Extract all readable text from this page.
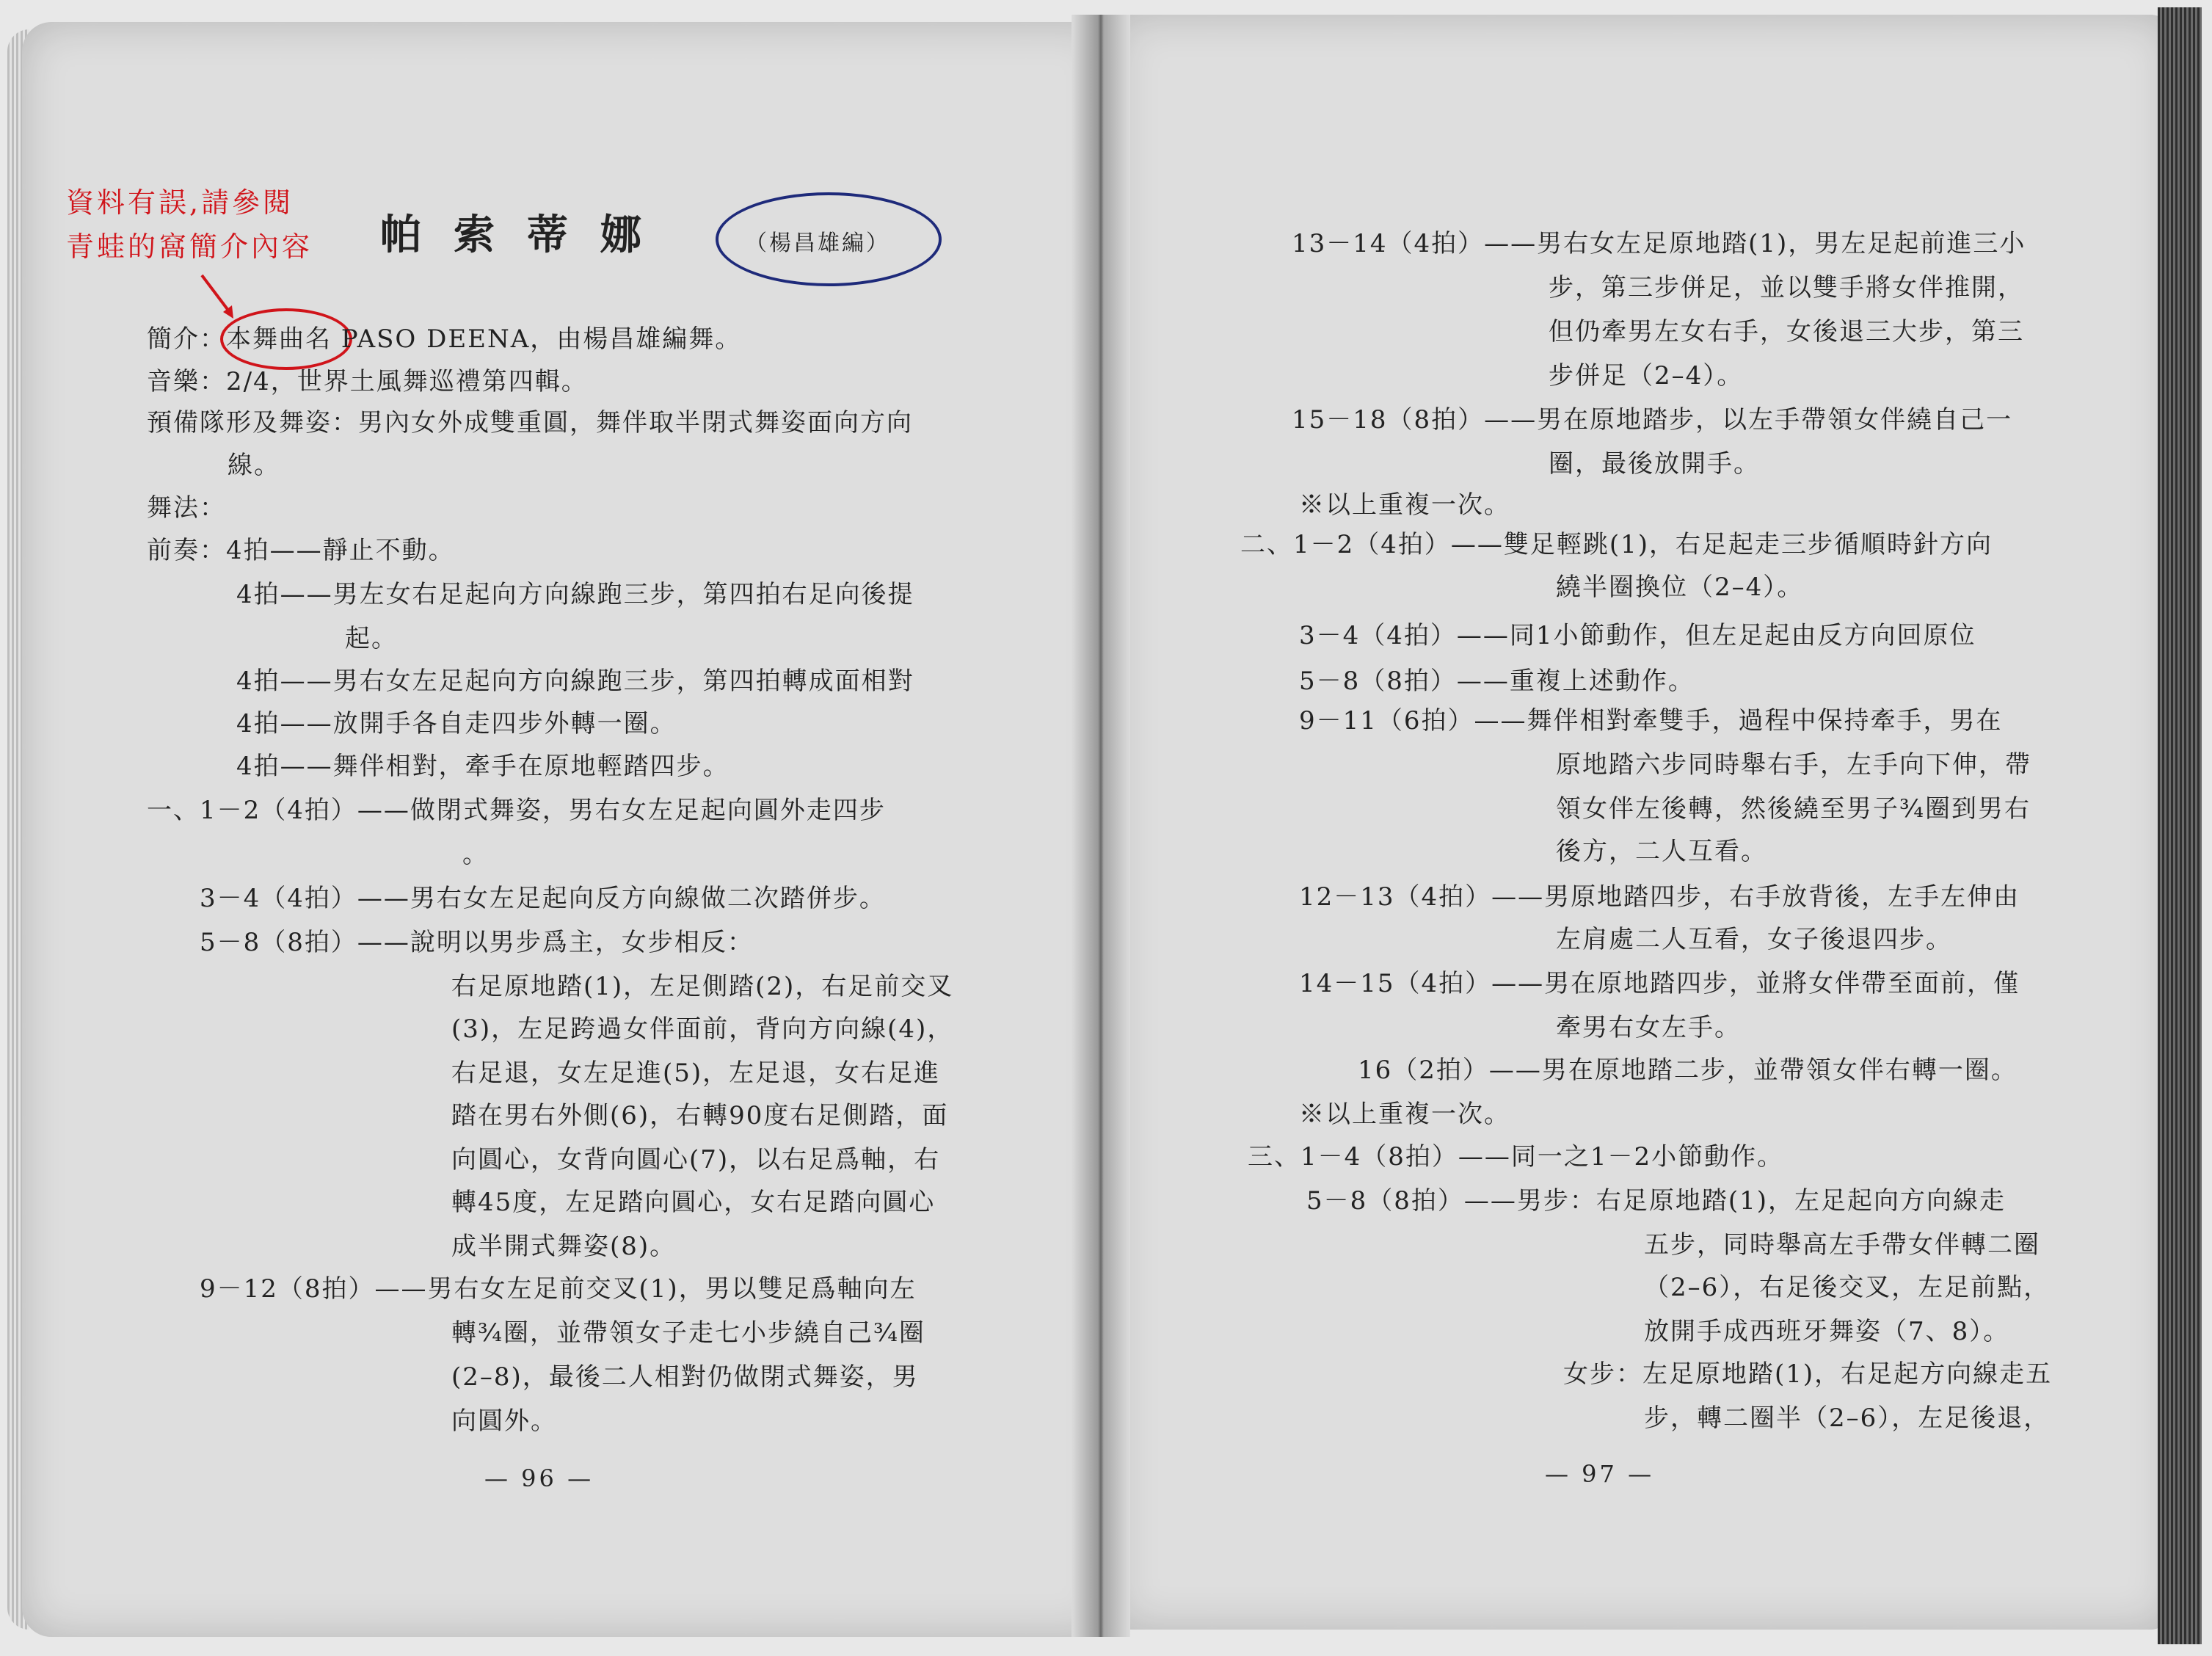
資料有誤,請參閱
青蛙的窩簡介內容 帕索蒂娜	（楊昌雄編）
簡介：本舞曲名 PASO DEENA，由楊昌雄編舞。
音樂：2/4，世界土風舞巡禮第四輯。
預備隊形及舞姿：男內女外成雙重圓，舞伴取半閉式舞姿面向方向
線。
舞法：
前奏：4拍——靜止不動。
4拍——男左女右足起向方向線跑三步，第四拍右足向後提
起。
4拍——男右女左足起向方向線跑三步，第四拍轉成面相對
4拍——放開手各自走四步外轉一圈。
4拍——舞伴相對，牽手在原地輕踏四步。
一、1－2（4拍）——做閉式舞姿，男右女左足起向圓外走四步
。
3－4（4拍）——男右女左足起向反方向線做二次踏併步。
5－8（8拍）——說明以男步爲主，女步相反：
右足原地踏(1)，左足側踏(2)，右足前交叉
(3)，左足跨過女伴面前，背向方向線(4)，
右足退，女左足進(5)，左足退，女右足進
踏在男右外側(6)，右轉90度右足側踏，面
向圓心，女背向圓心(7)，以右足爲軸，右
轉45度，左足踏向圓心，女右足踏向圓心
成半開式舞姿(8)。
9－12（8拍）——男右女左足前交叉(1)，男以雙足爲軸向左
轉¾圈，並帶領女子走七小步繞自己¾圈
(2–8)，最後二人相對仍做閉式舞姿，男
向圓外。
— 96 —
13－14（4拍）——男右女左足原地踏(1)，男左足起前進三小
步，第三步併足，並以雙手將女伴推開，
但仍牽男左女右手，女後退三大步，第三
步併足（2–4）。
15－18（8拍）——男在原地踏步，以左手帶領女伴繞自己一
圈，最後放開手。
※以上重複一次。
二、1－2（4拍）——雙足輕跳(1)，右足起走三步循順時針方向
繞半圈換位（2–4）。
3－4（4拍）——同1小節動作，但左足起由反方向回原位
5－8（8拍）——重複上述動作。
9－11（6拍）——舞伴相對牽雙手，過程中保持牽手，男在
原地踏六步同時舉右手，左手向下伸，帶
領女伴左後轉，然後繞至男子¾圈到男右
後方，二人互看。
12－13（4拍）——男原地踏四步，右手放背後，左手左伸由
左肩處二人互看，女子後退四步。
14－15（4拍）——男在原地踏四步，並將女伴帶至面前，僅
牽男右女左手。
16（2拍）——男在原地踏二步，並帶領女伴右轉一圈。
※以上重複一次。
三、1－4（8拍）——同一之1－2小節動作。
5－8（8拍）——男步：右足原地踏(1)，左足起向方向線走
五步，同時舉高左手帶女伴轉二圈
（2–6），右足後交叉，左足前點，
放開手成西班牙舞姿（7、8）。
女步：左足原地踏(1)，右足起方向線走五
步，轉二圈半（2–6），左足後退，
— 97 —
